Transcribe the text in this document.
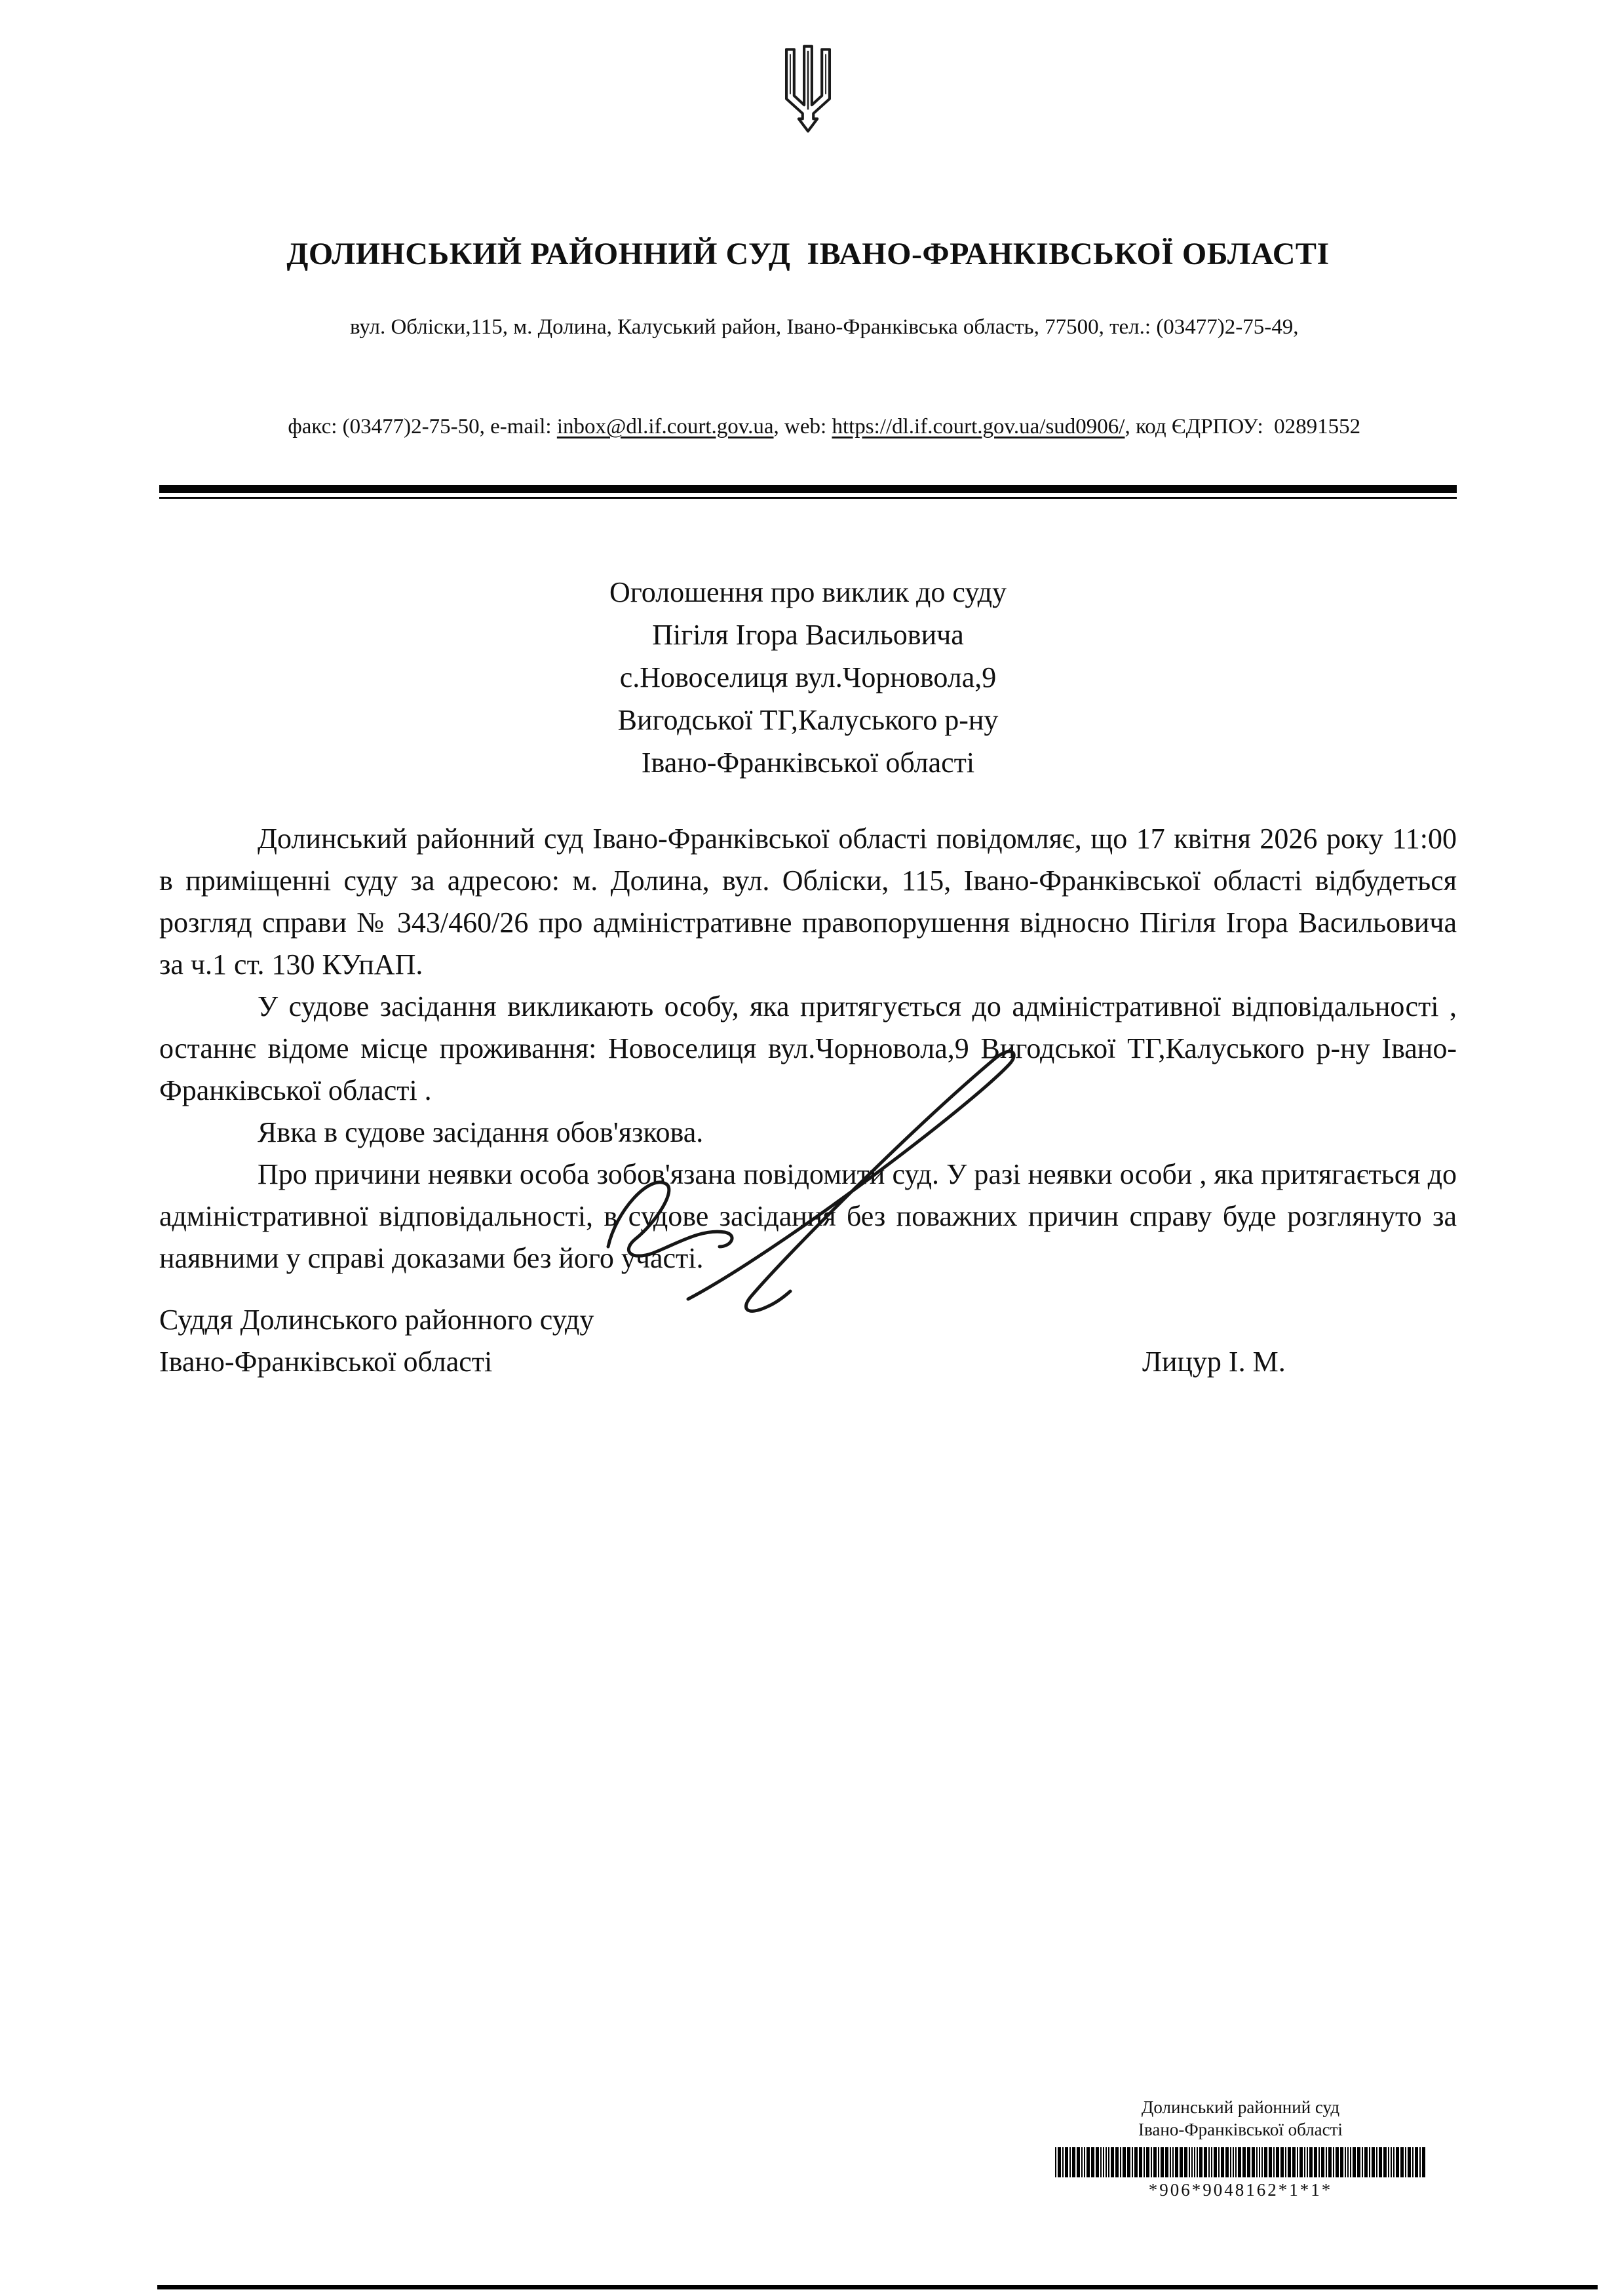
ДОЛИНСЬКИЙ РАЙОННИЙ СУД  ІВАНО-ФРАНКІВСЬКОЇ ОБЛАСТІ

вул. Обліски,115, м. Долина, Калуський район, Івано-Франківська область, 77500, тел.: (03477)2-75-49,

факс: (03477)2-75-50, e-mail: inbox@dl.if.court.gov.ua, web: https://dl.if.court.gov.ua/sud0906/, код ЄДРПОУ:  02891552

Оголошення про виклик до суду
Пігіля Ігора Васильовича
с.Новоселиця вул.Чорновола,9
Вигодської ТГ,Калуського р-ну
Івано-Франківської області

Долинський районний суд Івано-Франківської області повідомляє, що 17 квітня 2026 року 11:00 в приміщенні суду за адресою: м. Долина, вул. Обліски, 115, Івано-Франківської області відбудеться розгляд справи № 343/460/26 про адміністративне правопорушення відносно Пігіля Ігора Васильовича за ч.1 ст. 130 КУпАП.

У судове засідання викликають особу, яка притягується до адміністративної відповідальності , останнє відоме місце проживання: Новоселиця вул.Чорновола,9 Вигодської ТГ,Калуського р-ну Івано-Франківської області .

Явка в судове засідання обов'язкова.

Про причини неявки особа зобов'язана повідомити суд. У разі неявки особи , яка притягається до адміністративної відповідальності, в судове засідання без поважних причин справу буде розглянуто за наявними у справі доказами без його участі.

Суддя Долинського районного суду
Івано-Франківської області	Лицур І. М.
Долинський районний суд
Івано-Франківської області
*906*9048162*1*1*
